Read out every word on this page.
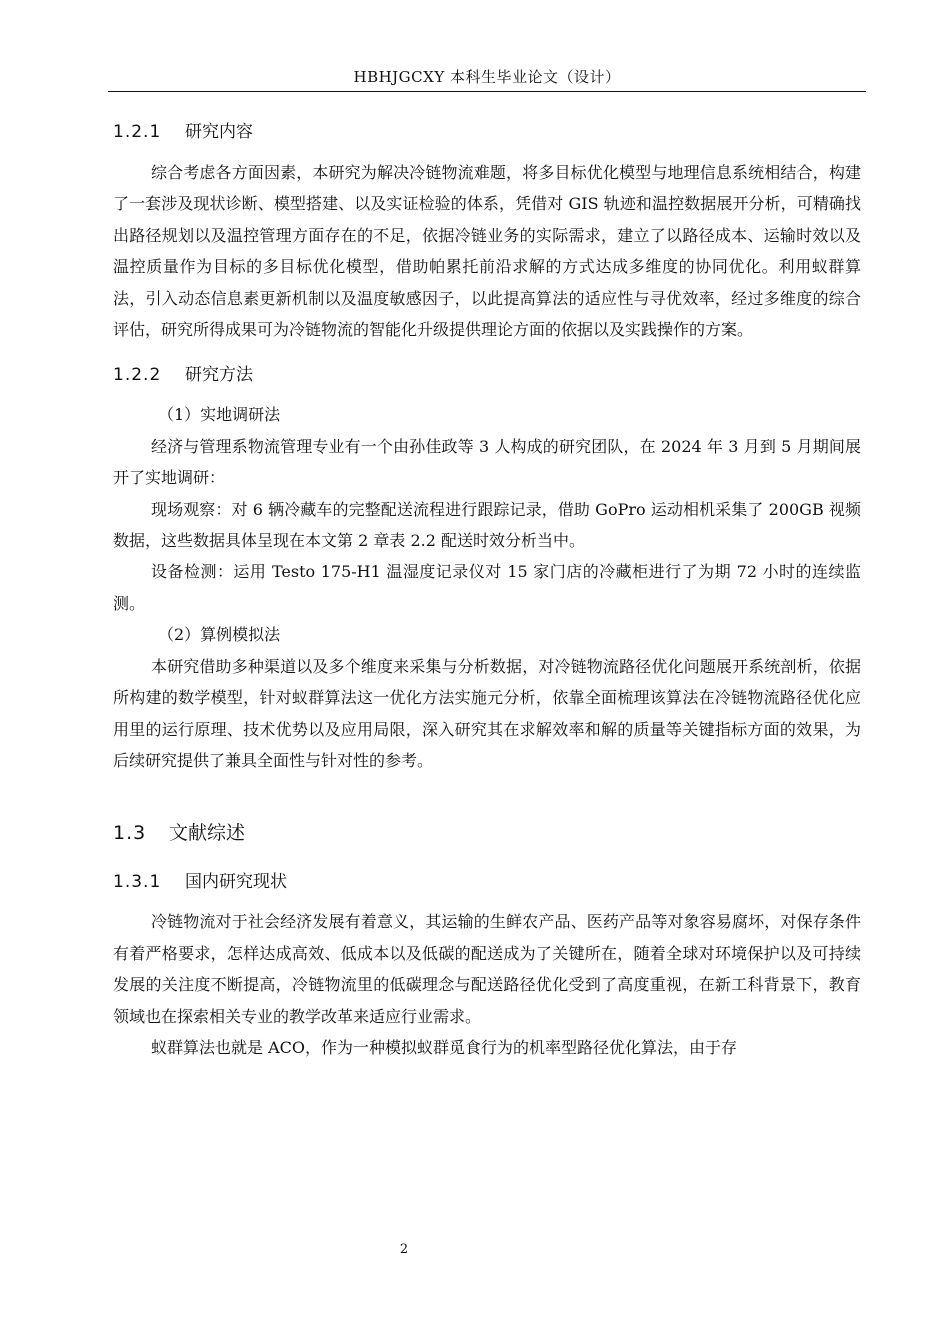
HBHJGCXY 本科生毕业论文（设计）
1.2.1	研究内容

综合考虑各方面因素，本研究为解决冷链物流难题，将多目标优化模型与地理信息系统相结合，构建了一套涉及现状诊断、模型搭建、以及实证检验的体系，凭借对 GIS 轨迹和温控数据展开分析，可精确找出路径规划以及温控管理方面存在的不足，依据冷链业务的实际需求，建立了以路径成本、运输时效以及温控质量作为目标的多目标优化模型，借助帕累托前沿求解的方式达成多维度的协同优化。利用蚁群算法，引入动态信息素更新机制以及温度敏感因子，以此提高算法的适应性与寻优效率，经过多维度的综合评估，研究所得成果可为冷链物流的智能化升级提供理论方面的依据以及实践操作的方案。

1.2.2	研究方法

（1）实地调研法

经济与管理系物流管理专业有一个由孙佳政等 3 人构成的研究团队，在 2024 年 3 月到 5 月期间展开了实地调研：

现场观察：对 6 辆冷藏车的完整配送流程进行跟踪记录，借助 GoPro 运动相机采集了 200GB 视频数据，这些数据具体呈现在本文第 2 章表 2.2 配送时效分析当中。

设备检测：运用 Testo 175-H1 温湿度记录仪对 15 家门店的冷藏柜进行了为期 72 小时的连续监测。

（2）算例模拟法

本研究借助多种渠道以及多个维度来采集与分析数据，对冷链物流路径优化问题展开系统剖析，依据所构建的数学模型，针对蚁群算法这一优化方法实施元分析，依靠全面梳理该算法在冷链物流路径优化应用里的运行原理、技术优势以及应用局限，深入研究其在求解效率和解的质量等关键指标方面的效果，为后续研究提供了兼具全面性与针对性的参考。

1.3	文献综述
1.3.1	国内研究现状

冷链物流对于社会经济发展有着意义，其运输的生鲜农产品、医药产品等对象容易腐坏，对保存条件有着严格要求，怎样达成高效、低成本以及低碳的配送成为了关键所在，随着全球对环境保护以及可持续发展的关注度不断提高，冷链物流里的低碳理念与配送路径优化受到了高度重视，在新工科背景下，教育领域也在探索相关专业的教学改革来适应行业需求。

蚁群算法也就是 ACO，作为一种模拟蚁群觅食行为的机率型路径优化算法，由于存

2
